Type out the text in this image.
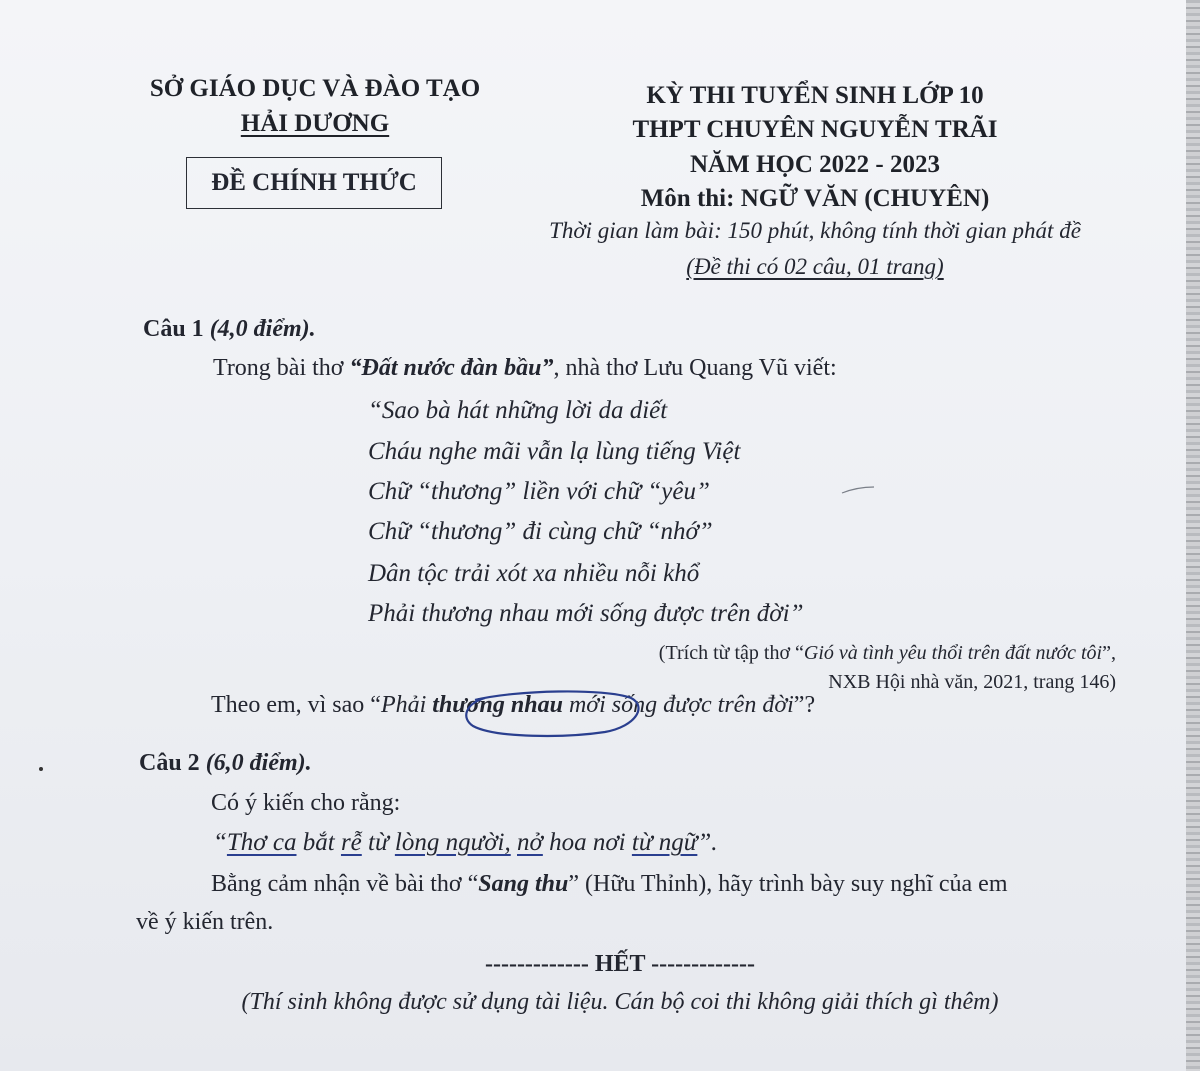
SỞ GIÁO DỤC VÀ ĐÀO TẠO
HẢI DƯƠNG
ĐỀ CHÍNH THỨC
KỲ THI TUYỂN SINH LỚP 10
THPT CHUYÊN NGUYỄN TRÃI
NĂM HỌC 2022 - 2023
Môn thi: NGỮ VĂN (CHUYÊN)
Thời gian làm bài: 150 phút, không tính thời gian phát đề
(Đề thi có 02 câu, 01 trang)
Câu 1 (4,0 điểm).
Trong bài thơ “Đất nước đàn bầu”, nhà thơ Lưu Quang Vũ viết:
“Sao bà hát những lời da diết
Cháu nghe mãi vẫn lạ lùng tiếng Việt
Chữ “thương” liền với chữ “yêu”
Chữ “thương” đi cùng chữ “nhớ”
Dân tộc trải xót xa nhiều nỗi khổ
Phải thương nhau mới sống được trên đời”
(Trích từ tập thơ “Gió và tình yêu thổi trên đất nước tôi”,
NXB Hội nhà văn, 2021, trang 146)
Theo em, vì sao “Phải thương nhau mới sống được trên đời”?
Câu 2 (6,0 điểm).
Có ý kiến cho rằng:
“Thơ ca bắt rễ từ lòng người, nở hoa nơi từ ngữ”.
Bằng cảm nhận về bài thơ “Sang thu” (Hữu Thỉnh), hãy trình bày suy nghĩ của em
về ý kiến trên.
------------- HẾT -------------
(Thí sinh không được sử dụng tài liệu. Cán bộ coi thi không giải thích gì thêm)
